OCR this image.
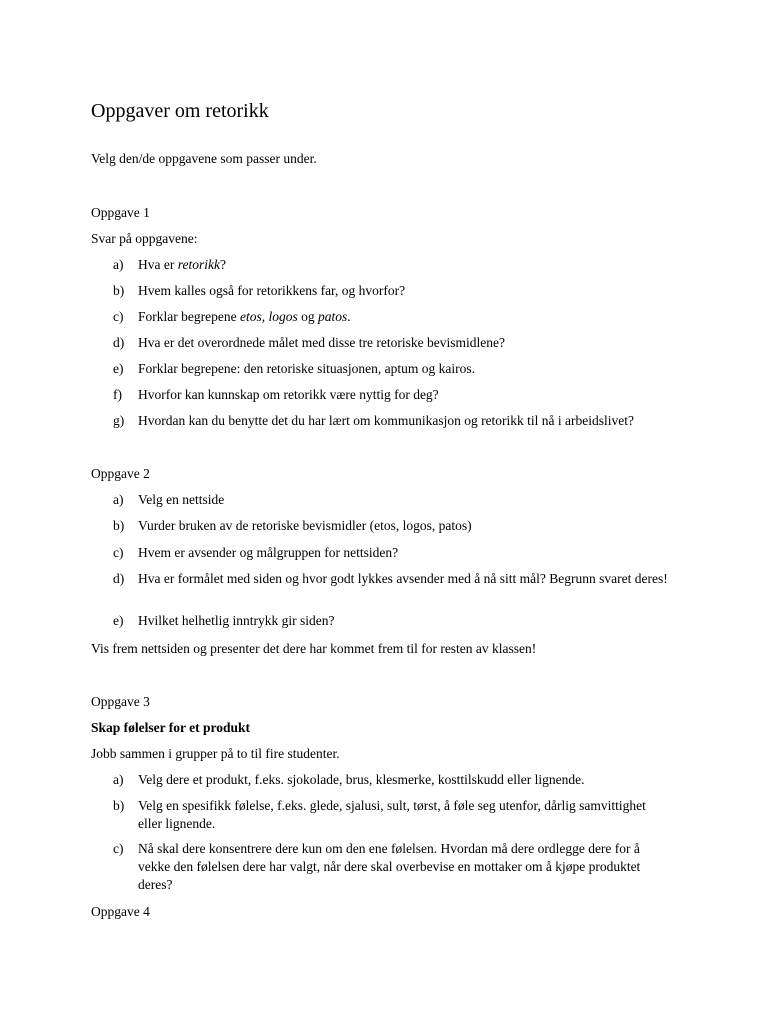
Oppgaver om retorikk
Velg den/de oppgavene som passer under.
Oppgave 1
Svar på oppgavene:
a)	Hva er retorikk?
b)	Hvem kalles også for retorikkens far, og hvorfor?
c)	Forklar begrepene etos, logos og patos.
d)	Hva er det overordnede målet med disse tre retoriske bevismidlene?
e)	Forklar begrepene: den retoriske situasjonen, aptum og kairos.
f)	Hvorfor kan kunnskap om retorikk være nyttig for deg?
g)	Hvordan kan du benytte det du har lært om kommunikasjon og retorikk til nå i arbeidslivet?
Oppgave 2
a)	Velg en nettside
b)	Vurder bruken av de retoriske bevismidler (etos, logos, patos)
c)	Hvem er avsender og målgruppen for nettsiden?
d)	Hva er formålet med siden og hvor godt lykkes avsender med å nå sitt mål? Begrunn svaret deres!
e)	Hvilket helhetlig inntrykk gir siden?
Vis frem nettsiden og presenter det dere har kommet frem til for resten av klassen!
Oppgave 3
Skap følelser for et produkt
Jobb sammen i grupper på to til fire studenter.
a)	Velg dere et produkt, f.eks. sjokolade, brus, klesmerke, kosttilskudd eller lignende.
b)	Velg en spesifikk følelse, f.eks. glede, sjalusi, sult, tørst, å føle seg utenfor, dårlig samvittighet eller lignende.
c)	Nå skal dere konsentrere dere kun om den ene følelsen. Hvordan må dere ordlegge dere for å vekke den følelsen dere har valgt, når dere skal overbevise en mottaker om å kjøpe produktet deres?
Oppgave 4
